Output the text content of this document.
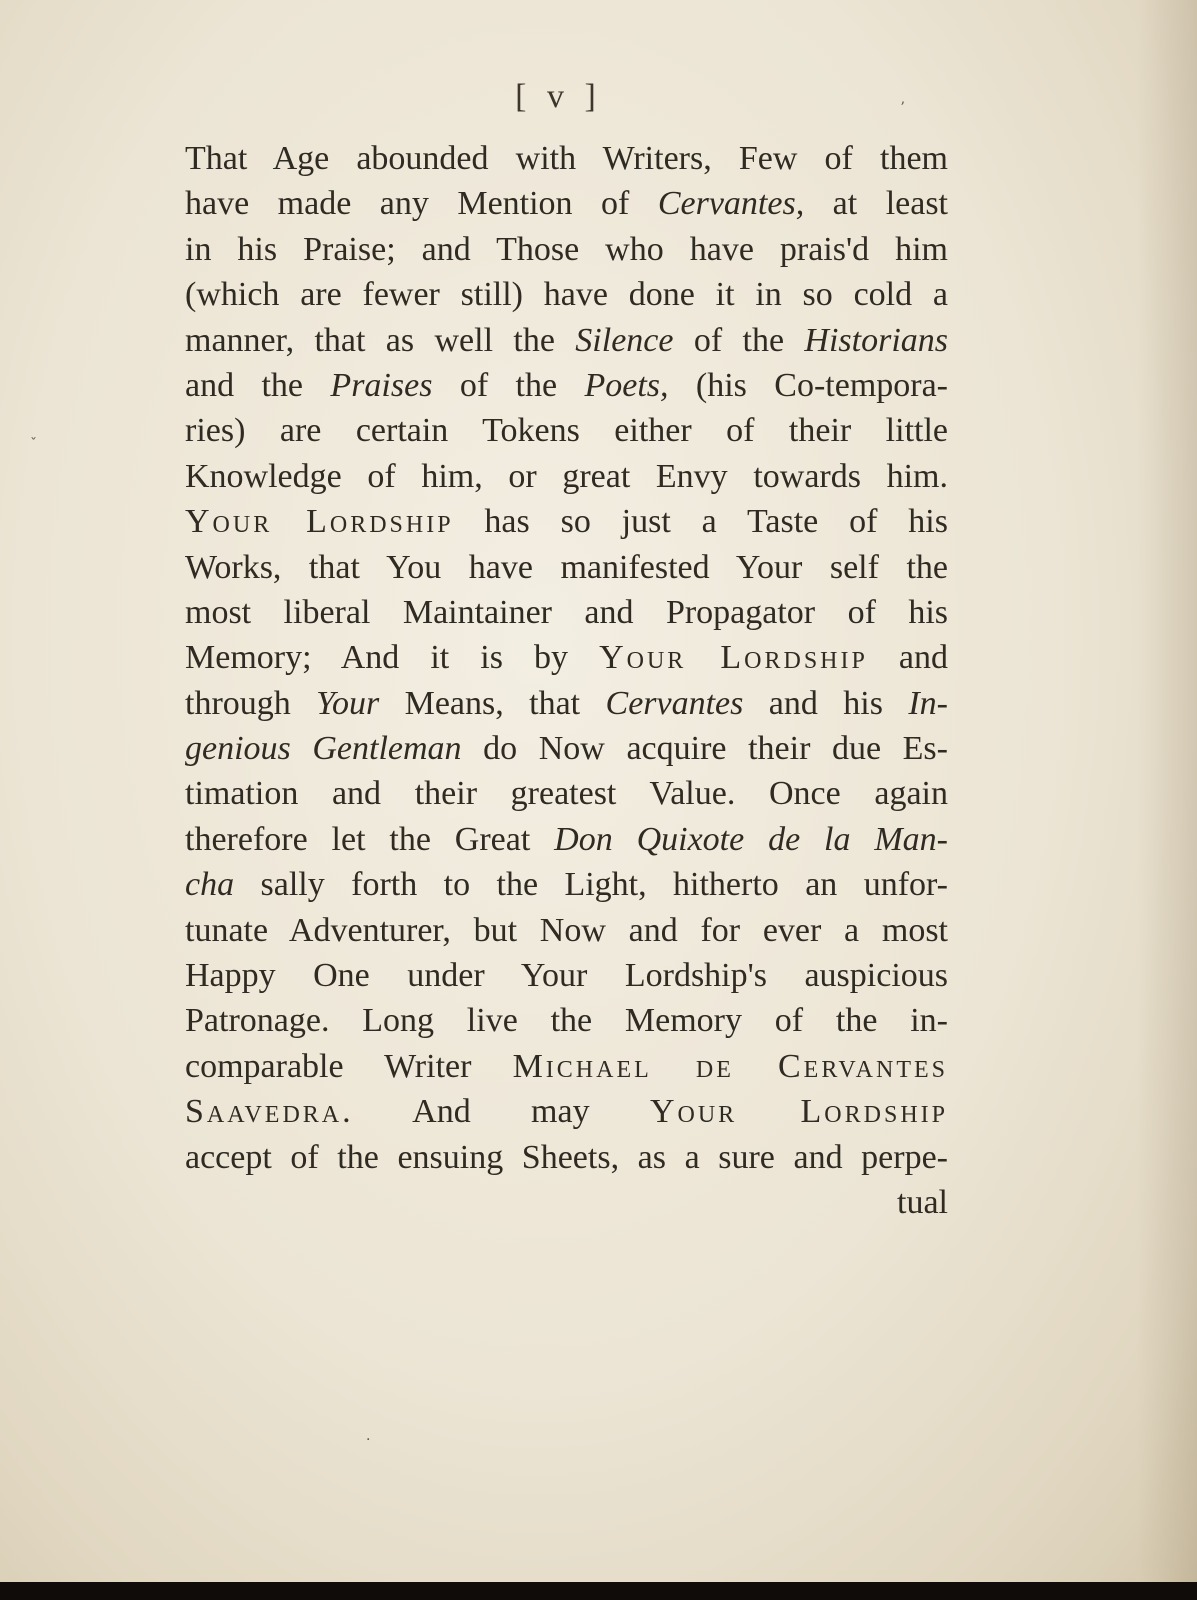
[ v ]
That Age abounded with Writers, Few of them
have made any Mention of Cervantes, at least
in his Praise; and Those who have prais'd him
(which are fewer still) have done it in so cold a
manner, that as well the Silence of the Historians
and the Praises of the Poets, (his Co-tempora-
ries) are certain Tokens either of their little
Knowledge of him, or great Envy towards him.
Your Lordship has so just a Taste of his
Works, that You have manifested Your self the
most liberal Maintainer and Propagator of his
Memory; And it is by Your Lordship and
through Your Means, that Cervantes and his In-
genious Gentleman do Now acquire their due Es-
timation and their greatest Value. Once again
therefore let the Great Don Quixote de la Man-
cha sally forth to the Light, hitherto an unfor-
tunate Adventurer, but Now and for ever a most
Happy One under Your Lordship's auspicious
Patronage. Long live the Memory of the in-
comparable Writer Michael de Cervantes
Saavedra. And may Your Lordship
accept of the ensuing Sheets, as a sure and perpe-
tual
ˇ
·
ʼ
